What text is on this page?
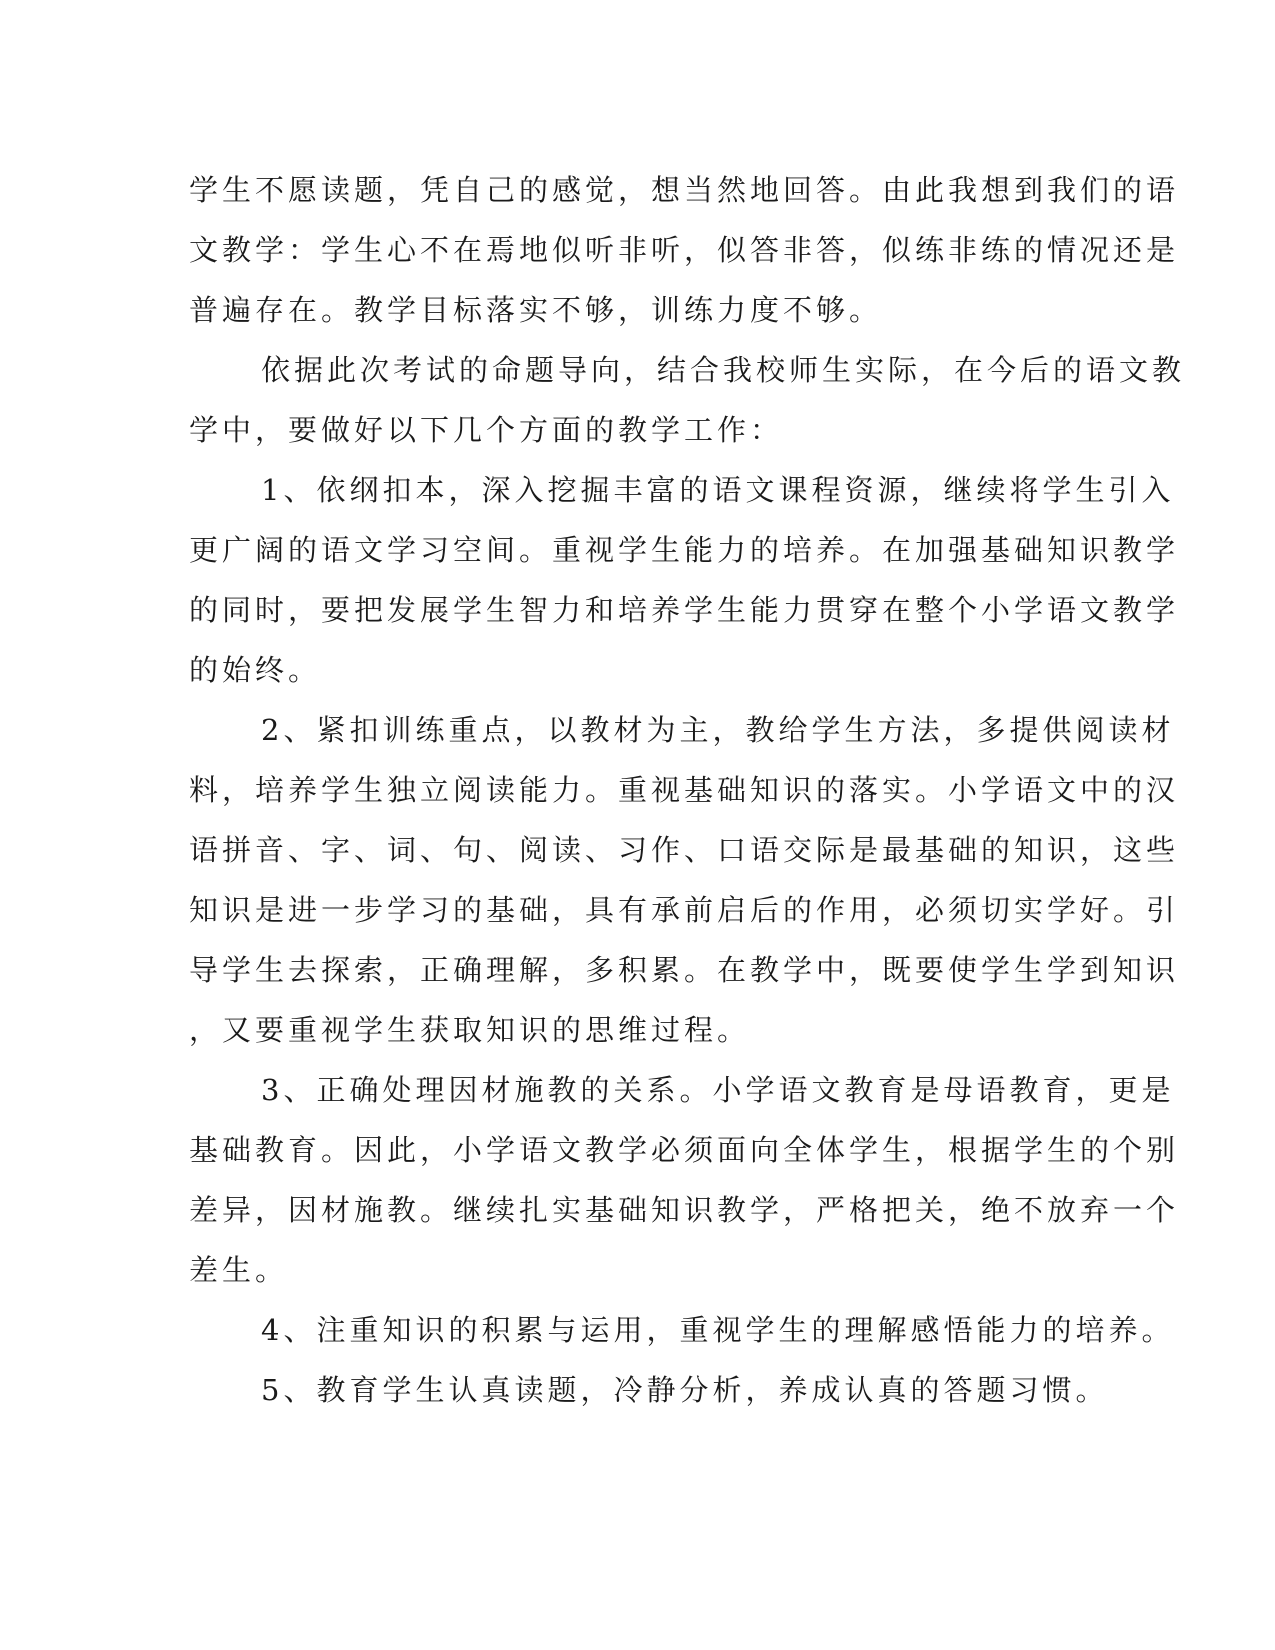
学生不愿读题，凭自己的感觉，想当然地回答。由此我想到我们的语
文教学：学生心不在焉地似听非听，似答非答，似练非练的情况还是
普遍存在。教学目标落实不够，训练力度不够。
依据此次考试的命题导向，结合我校师生实际，在今后的语文教
学中，要做好以下几个方面的教学工作：
1、依纲扣本，深入挖掘丰富的语文课程资源，继续将学生引入
更广阔的语文学习空间。重视学生能力的培养。在加强基础知识教学
的同时，要把发展学生智力和培养学生能力贯穿在整个小学语文教学
的始终。
2、紧扣训练重点，以教材为主，教给学生方法，多提供阅读材
料，培养学生独立阅读能力。重视基础知识的落实。小学语文中的汉
语拼音、字、词、句、阅读、习作、口语交际是最基础的知识，这些
知识是进一步学习的基础，具有承前启后的作用，必须切实学好。引
导学生去探索，正确理解，多积累。在教学中，既要使学生学到知识
，又要重视学生获取知识的思维过程。
3、正确处理因材施教的关系。小学语文教育是母语教育，更是
基础教育。因此，小学语文教学必须面向全体学生，根据学生的个别
差异，因材施教。继续扎实基础知识教学，严格把关，绝不放弃一个
差生。
4、注重知识的积累与运用，重视学生的理解感悟能力的培养。
5、教育学生认真读题，冷静分析，养成认真的答题习惯。
